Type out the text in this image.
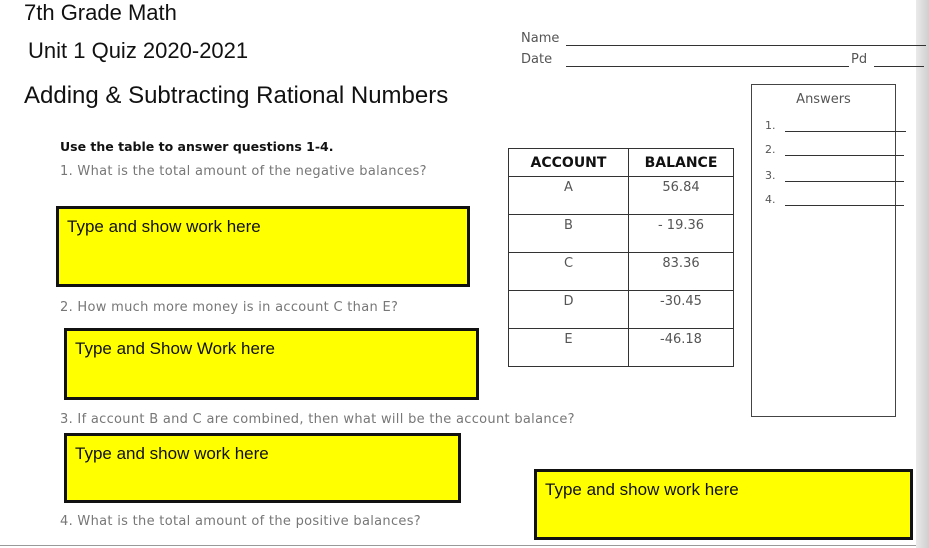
7th Grade Math
Unit 1 Quiz 2020-2021
Adding & Subtracting Rational Numbers
Name
Date	Pd
Use the table to answer questions 1-4.
1. What is the total amount of the negative balances?
Type and show work here
2. How much more money is in account C than E?
Type and Show Work here
3. If account B and C are combined, then what will be the account balance?
Type and show work here
4. What is the total amount of the positive balances?
Type and show work here
ACCOUNT	BALANCE
A	56.84
B	- 19.36
C	83.36
D	-30.45
E	-46.18
Answers
1.
2.
3.
4.
